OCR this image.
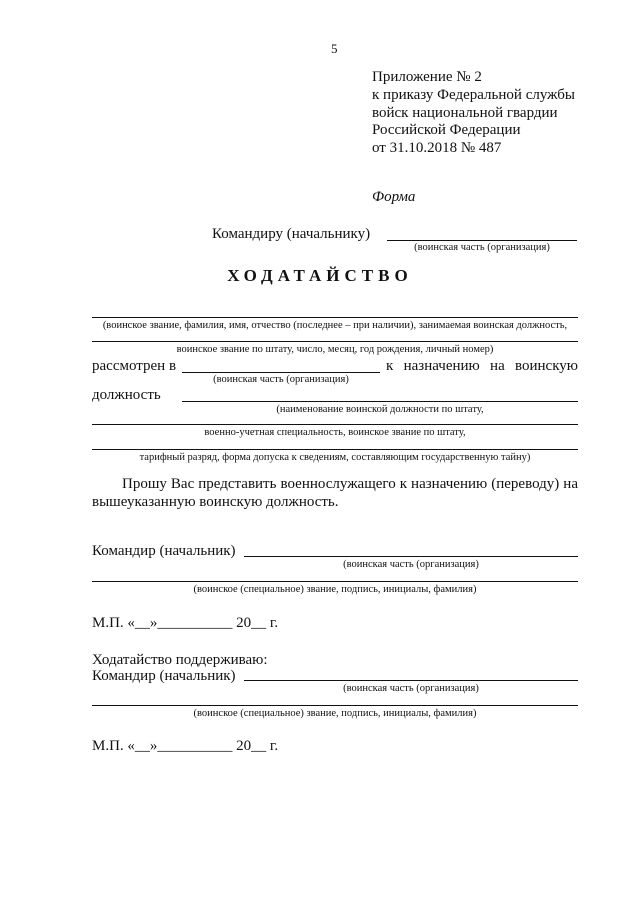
5
Приложение № 2
к приказу Федеральной службы
войск национальной гвардии
Российской Федерации
от 31.10.2018 № 487
Форма
Командиру (начальнику)
(воинская часть (организация)
ХОДАТАЙСТВО
(воинское звание, фамилия, имя, отчество (последнее – при наличии), занимаемая воинская должность,
воинское звание по штату, число, месяц, год рождения, личный номер)
рассмотрен в	к назначению на воинскую
(воинская часть (организация)
должность
(наименование воинской должности по штату,
военно-учетная специальность, воинское звание по штату,
тарифный разряд, форма допуска к сведениям, составляющим государственную тайну)
Прошу Вас представить военнослужащего к назначению (переводу) на
вышеуказанную воинскую должность.
Командир (начальник)
(воинская часть (организация)
(воинское (специальное) звание, подпись, инициалы, фамилия)
М.П. «__»__________ 20__ г.
Ходатайство поддерживаю:
Командир (начальник)
(воинская часть (организация)
(воинское (специальное) звание, подпись, инициалы, фамилия)
М.П. «__»__________ 20__ г.
